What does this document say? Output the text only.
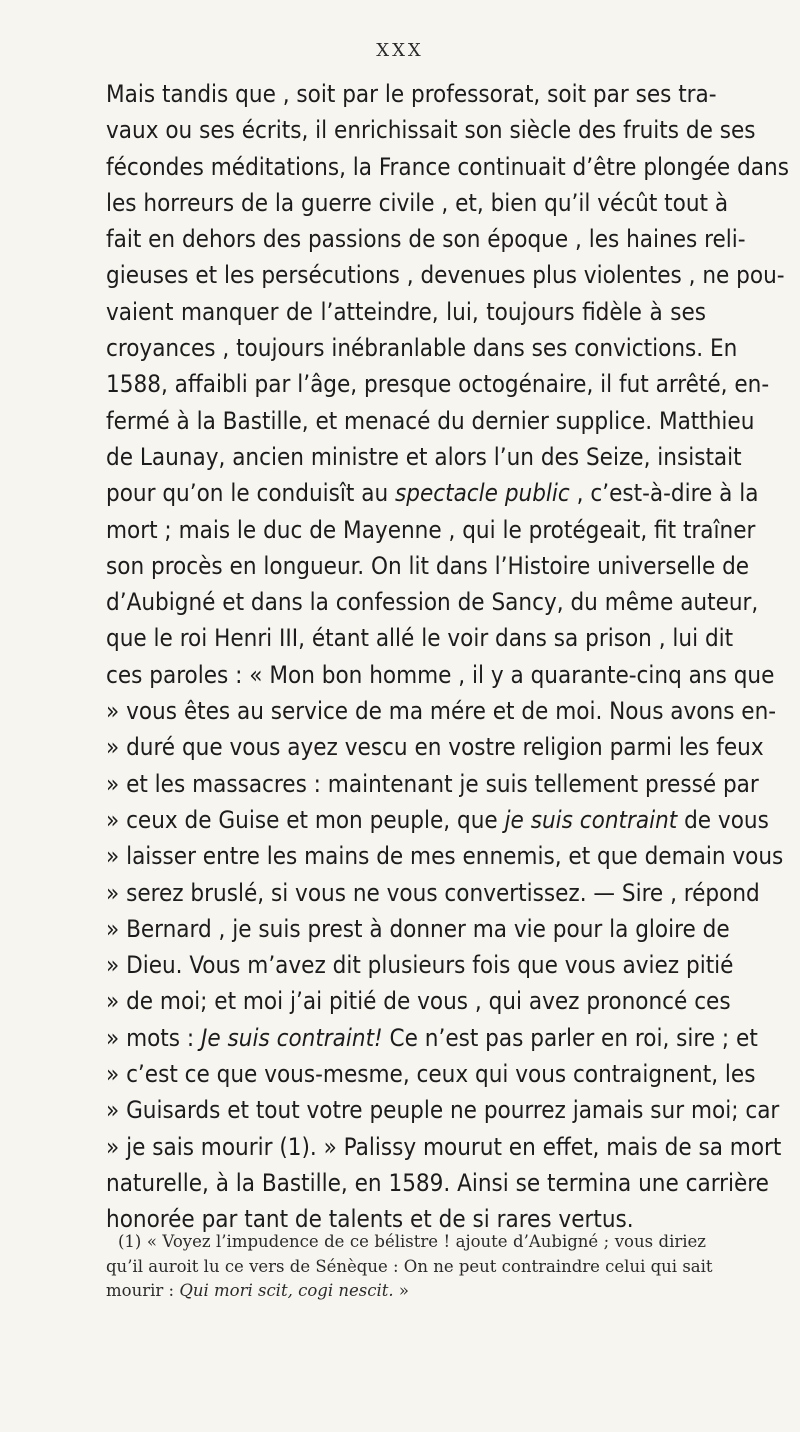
XXX
Mais tandis que , soit par le professorat, soit par ses tra-
vaux ou ses écrits, il enrichissait son siècle des fruits de ses
fécondes méditations, la France continuait d’être plongée dans
les horreurs de la guerre civile , et, bien qu’il vécût tout à
fait en dehors des passions de son époque , les haines reli-
gieuses et les persécutions , devenues plus violentes , ne pou-
vaient manquer de l’atteindre, lui, toujours fidèle à ses
croyances , toujours inébranlable dans ses convictions. En
1588, affaibli par l’âge, presque octogénaire, il fut arrêté, en-
fermé à la Bastille, et menacé du dernier supplice. Matthieu
de Launay, ancien ministre et alors l’un des Seize, insistait
pour qu’on le conduisît au spectacle public , c’est-à-dire à la
mort ; mais le duc de Mayenne , qui le protégeait, fit traîner
son procès en longueur. On lit dans l’Histoire universelle de
d’Aubigné et dans la confession de Sancy, du même auteur,
que le roi Henri III, étant allé le voir dans sa prison , lui dit
ces paroles : « Mon bon homme , il y a quarante-cinq ans que
» vous êtes au service de ma mére et de moi. Nous avons en-
» duré que vous ayez vescu en vostre religion parmi les feux
» et les massacres : maintenant je suis tellement pressé par
» ceux de Guise et mon peuple, que je suis contraint de vous
» laisser entre les mains de mes ennemis, et que demain vous
» serez bruslé, si vous ne vous convertissez. — Sire , répond
» Bernard , je suis prest à donner ma vie pour la gloire de
» Dieu. Vous m’avez dit plusieurs fois que vous aviez pitié
» de moi; et moi j’ai pitié de vous , qui avez prononcé ces
» mots : Je suis contraint! Ce n’est pas parler en roi, sire ; et
» c’est ce que vous-mesme, ceux qui vous contraignent, les
» Guisards et tout votre peuple ne pourrez jamais sur moi; car
» je sais mourir (1). » Palissy mourut en effet, mais de sa mort
naturelle, à la Bastille, en 1589. Ainsi se termina une carrière
honorée par tant de talents et de si rares vertus.
(1) « Voyez l’impudence de ce bélistre ! ajoute d’Aubigné ; vous diriez
qu’il auroit lu ce vers de Sénèque : On ne peut contraindre celui qui sait
mourir : Qui mori scit, cogi nescit. »
